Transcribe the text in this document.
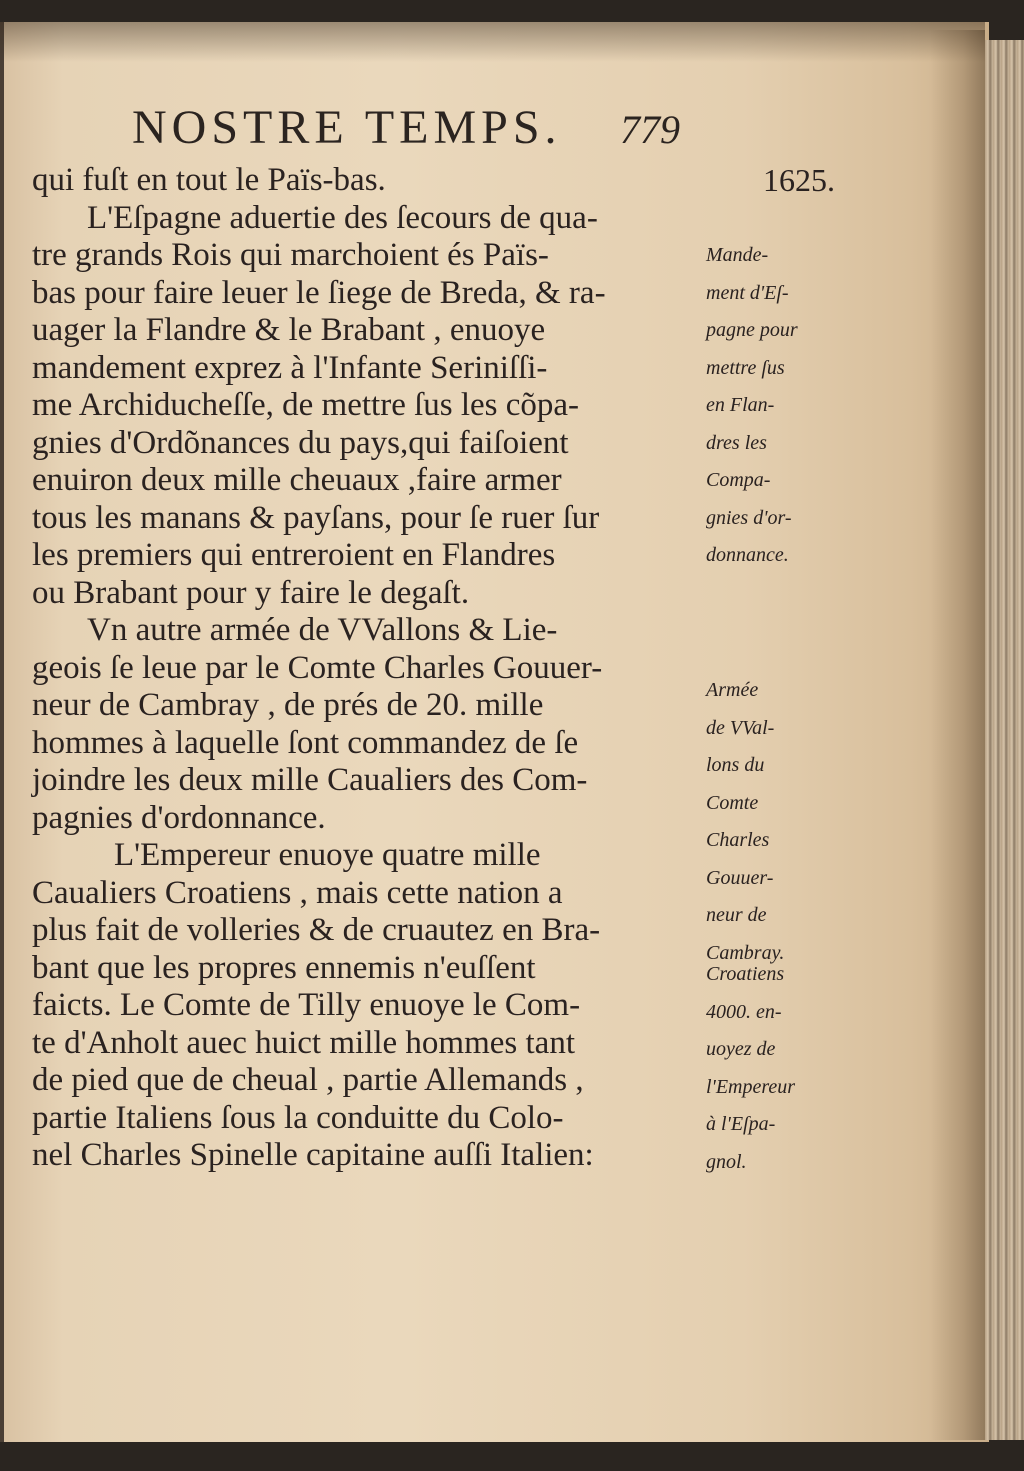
NOSTRE TEMPS. 779
1625.
qui fuſt en tout le Païs-bas.
L'Eſpagne aduertie des ſecours de qua-
tre grands Rois qui marchoient és Païs-
bas pour faire leuer le ſiege de Breda, & ra-
uager la Flandre & le Brabant , enuoye
mandement exprez à l'Infante Seriniſſi-
me Archiducheſſe, de mettre ſus les cõpa-
gnies d'Ordõnances du pays,qui faiſoient
enuiron deux mille cheuaux ,faire armer
tous les manans & payſans, pour ſe ruer ſur
les premiers qui entreroient en Flandres
ou Brabant pour y faire le degaſt.
Vn autre armée de VVallons & Lie-
geois ſe leue par le Comte Charles Gouuer-
neur de Cambray , de prés de 20. mille
hommes à laquelle ſont commandez de ſe
joindre les deux mille Caualiers des Com-
pagnies d'ordonnance.
L'Empereur enuoye quatre mille
Caualiers Croatiens , mais cette nation a
plus fait de volleries & de cruautez en Bra-
bant que les propres ennemis n'euſſent
faicts. Le Comte de Tilly enuoye le Com-
te d'Anholt auec huict mille hommes tant
de pied que de cheual , partie Allemands ,
partie Italiens ſous la conduitte du Colo-
nel Charles Spinelle capitaine auſſi Italien:
Mande-
ment d'Eſ-
pagne pour
mettre ſus
en Flan-
dres les
Compa-
gnies d'or-
donnance.
Armée
de VVal-
lons du
Comte
Charles
Gouuer-
neur de
Cambray.
Croatiens
4000. en-
uoyez de
l'Empereur
à l'Eſpa-
gnol.
